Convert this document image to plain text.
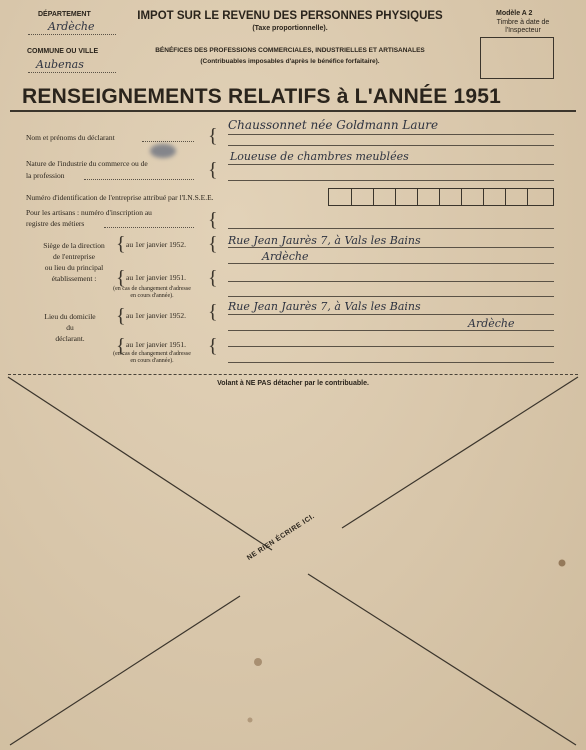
DÉPARTEMENT
Ardèche
COMMUNE OU VILLE
Aubenas
IMPOT SUR LE REVENU DES PERSONNES PHYSIQUES
(Taxe proportionnelle).
BÉNÉFICES DES PROFESSIONS COMMERCIALES, INDUSTRIELLES ET ARTISANALES
(Contribuables imposables d'après le bénéfice forfaitaire).
Modèle A 2
Timbre à date de l'Inspecteur
RENSEIGNEMENTS RELATIFS à L'ANNÉE 1951
Nom et prénoms du déclarant	{ Chaussonnet née Goldmann Laure
Nature de l'industrie du commerce ou de
la profession	{
Loueuse de chambres meublées
Numéro d'identification de l'entreprise attribué par l'I.N.S.E.E.
Pour les artisans : numéro d'inscription au
registre des métiers	{
Siège de la direction
de l'entreprise
ou lieu du principal
établissement :
{ au 1er janvier 1952. { Rue Jean Jaurès 7, à Vals les Bains
Ardèche
{ au 1er janvier 1951. {
(en cas de changement d'adresse
en cours d'année).
Lieu du domicile
du
déclarant.
{ au 1er janvier 1952. { Rue Jean Jaurès 7, à Vals les Bains
Ardèche
{ au 1er janvier 1951. {
(en cas de changement d'adresse
en cours d'année).
Volant à NE PAS détacher par le contribuable.
NE RIEN ÉCRIRE ICI.
